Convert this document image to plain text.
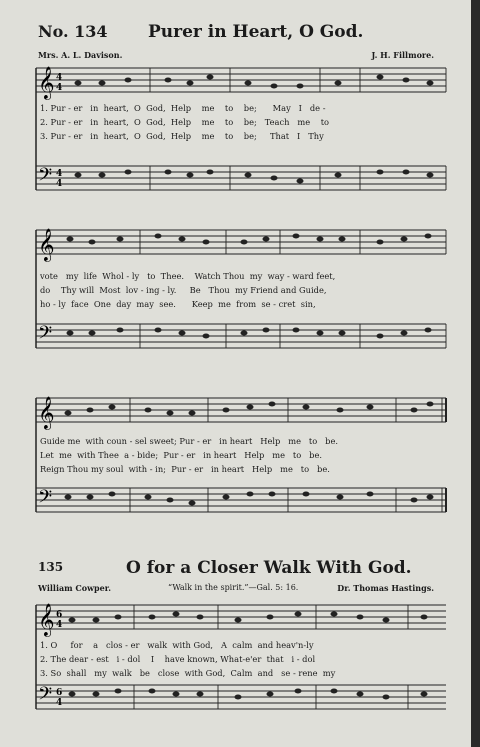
No. 134 Purer in Heart, O God.
Mrs. A. L. Davison.	J. H. Fillmore.
𝄞
𝄢
4
4
4
4
1. Pur - er   in  heart,  O  God,  Help    me    to    be;      May   I   de -
2. Pur - er   in  heart,  O  God,  Help    me    to    be;   Teach   me    to
3. Pur - er   in  heart,  O  God,  Help    me    to    be;     That   I   Thy
𝄞
𝄢
vote   my  life  Whol - ly   to  Thee.    Watch Thou  my  way - ward feet,
do    Thy will  Most  lov - ing - ly.     Be   Thou  my Friend and Guide,
ho - ly  face  One  day  may  see.      Keep  me  from  se - cret  sin,
𝄞
𝄢
Guide me  with coun - sel sweet; Pur - er   in heart   Help   me   to   be.
Let  me  with Thee  a - bide;  Pur - er   in heart   Help   me   to   be.
Reign Thou my soul  with - in;  Pur - er   in heart   Help   me   to   be.
135	O for a Closer Walk With God.
William Cowper.	“Walk in the spirit.”—Gal. 5: 16.	Dr. Thomas Hastings.
𝄞
𝄢
6
4
6
4
1. O     for    a   clos - er   walk  with God,   A  calm  and heav'n-ly
2. The dear - est   i - dol    I    have known, What-e'er  that   i - dol
3. So  shall   my  walk   be   close  with God,  Calm  and   se - rene  my
